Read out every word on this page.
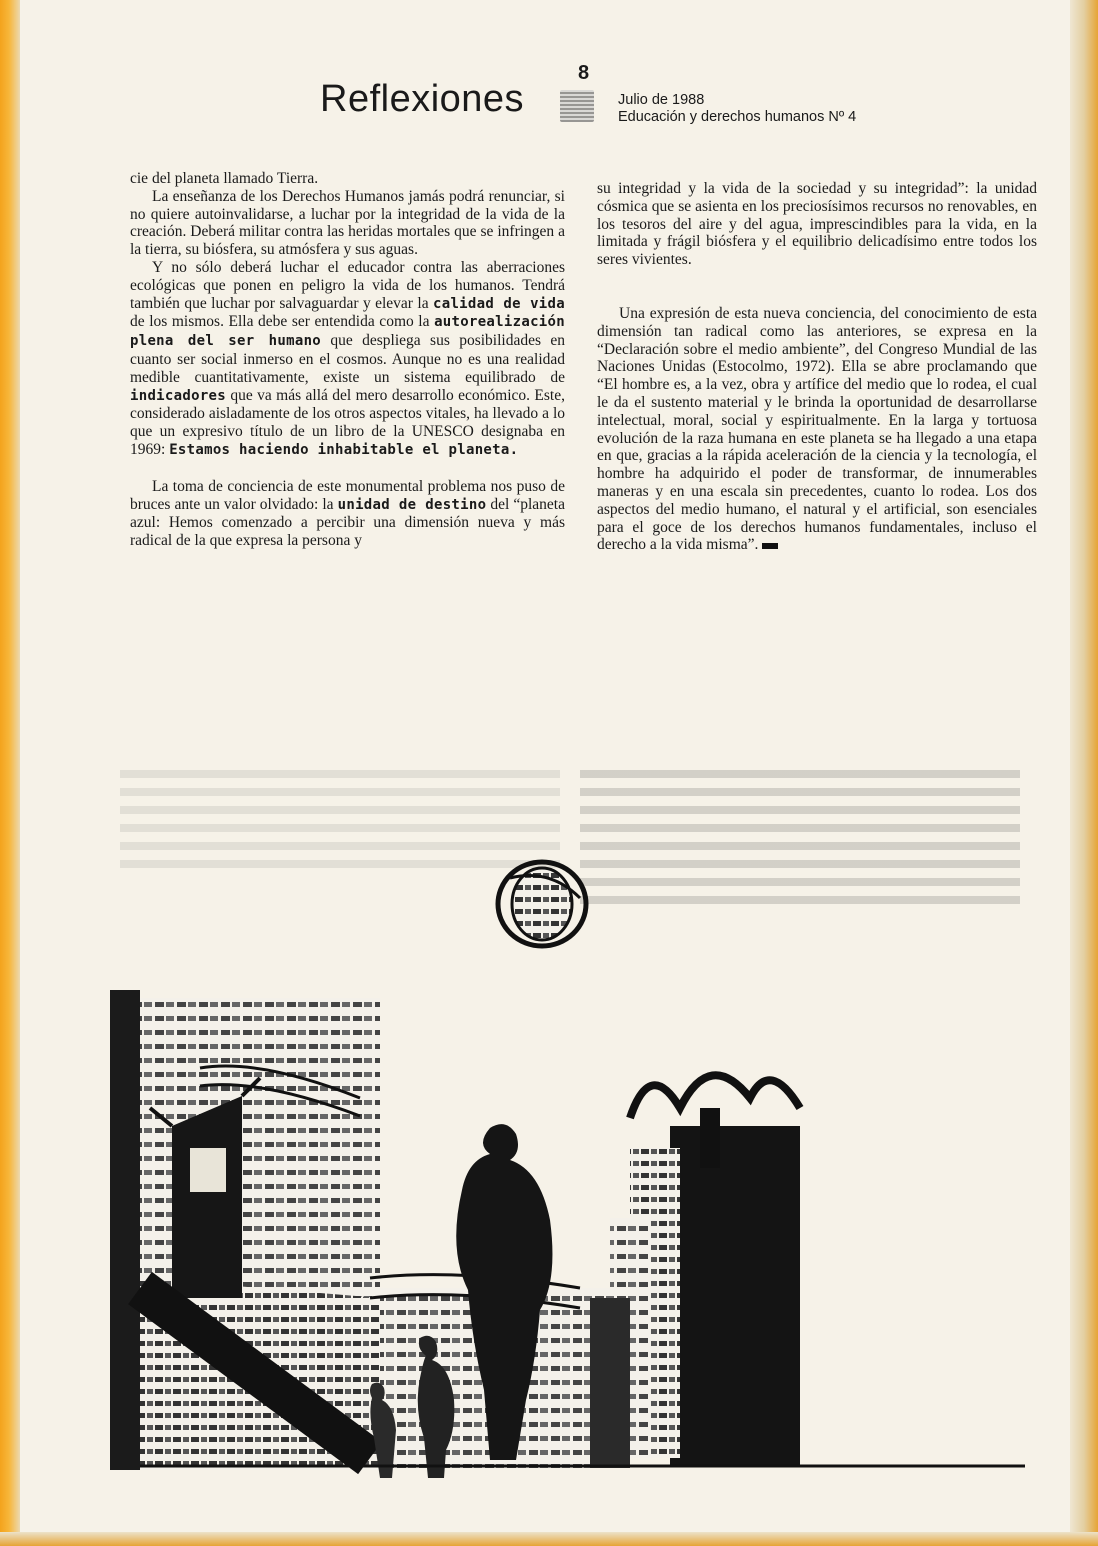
8
Reflexiones	Julio de 1988
Educación y derechos humanos Nº 4

cie del planeta llamado Tierra.

La enseñanza de los Derechos Humanos jamás podrá renunciar, si no quiere autoinvalidarse, a luchar por la integridad de la vida de la creación. Deberá militar contra las heridas mortales que se infringen a la tierra, su biósfera, su atmósfera y sus aguas.

Y no sólo deberá luchar el educador contra las aberraciones ecológicas que ponen en peligro la vida de los humanos. Tendrá también que luchar por salvaguardar y elevar la calidad de vida de los mismos. Ella debe ser entendida como la autorealización plena del ser humano que despliega sus posibilidades en cuanto ser social inmerso en el cosmos. Aunque no es una realidad medible cuantitativamente, existe un sistema equilibrado de indicadores que va más allá del mero desarrollo económico. Este, considerado aisladamente de los otros aspectos vitales, ha llevado a lo que un expresivo título de un libro de la UNESCO designaba en 1969: Estamos haciendo inhabitable el planeta.

La toma de conciencia de este monumental problema nos puso de bruces ante un valor olvidado: la unidad de destino del “planeta azul: Hemos comenzado a percibir una dimensión nueva y más radical de la que expresa la persona y

su integridad y la vida de la sociedad y su integridad”: la unidad cósmica que se asienta en los preciosísimos recursos no renovables, en los tesoros del aire y del agua, imprescindibles para la vida, en la limitada y frágil biósfera y el equilibrio delicadísimo entre todos los seres vivientes.

Una expresión de esta nueva conciencia, del conocimiento de esta dimensión tan radical como las anteriores, se expresa en la “Declaración sobre el medio ambiente”, del Congreso Mundial de las Naciones Unidas (Estocolmo, 1972). Ella se abre proclamando que “El hombre es, a la vez, obra y artífice del medio que lo rodea, el cual le da el sustento material y le brinda la oportunidad de desarrollarse intelectual, moral, social y espiritualmente. En la larga y tortuosa evolución de la raza humana en este planeta se ha llegado a una etapa en que, gracias a la rápida aceleración de la ciencia y la tecnología, el hombre ha adquirido el poder de transformar, de innumerables maneras y en una escala sin precedentes, cuanto lo rodea. Los dos aspectos del medio humano, el natural y el artificial, son esenciales para el goce de los derechos humanos fundamentales, incluso el derecho a la vida misma”.
